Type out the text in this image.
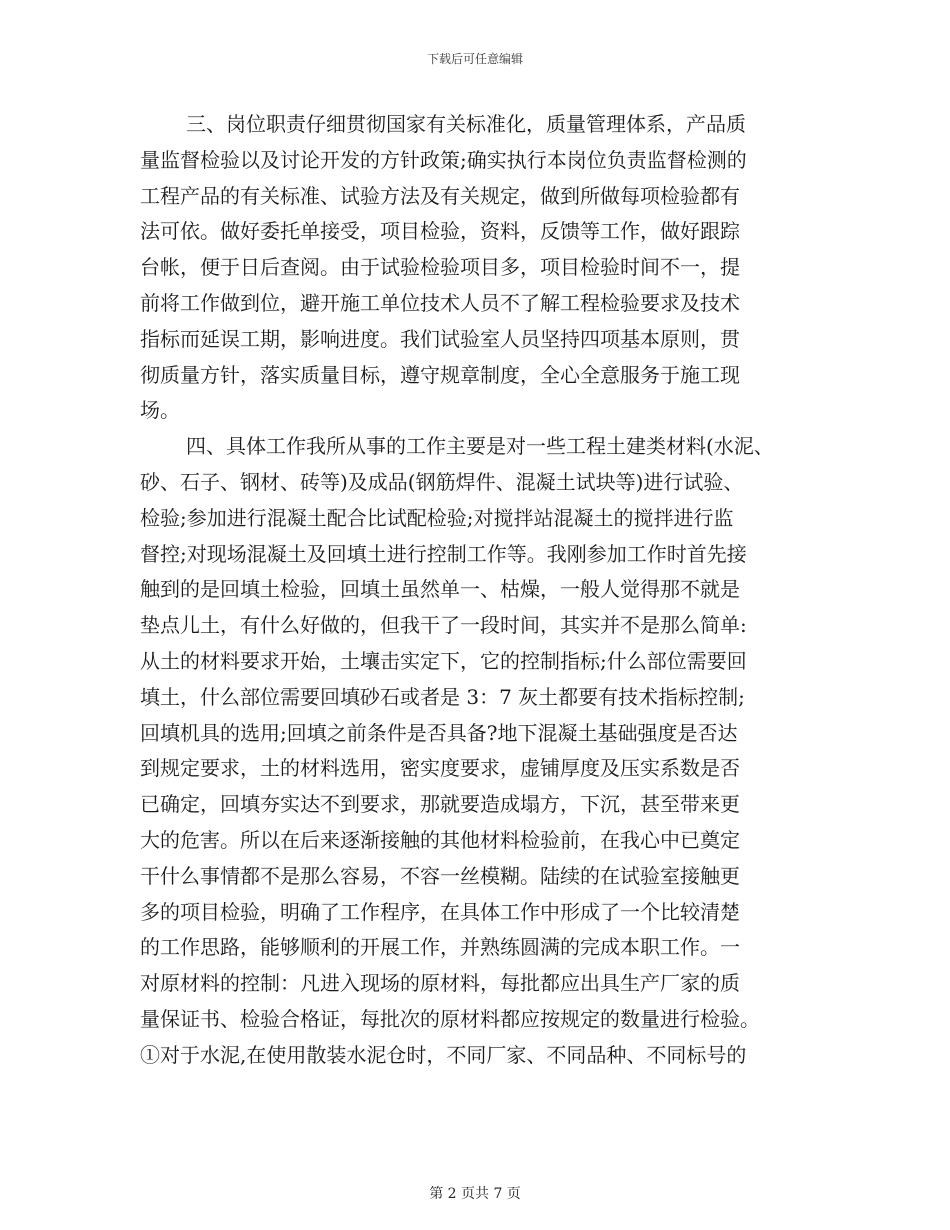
下载后可任意编辑
三、岗位职责仔细贯彻国家有关标准化，质量管理体系，产品质
量监督检验以及讨论开发的方针政策;确实执行本岗位负责监督检测的
工程产品的有关标准、试验方法及有关规定，做到所做每项检验都有
法可依。做好委托单接受，项目检验，资料，反馈等工作，做好跟踪
台帐，便于日后查阅。由于试验检验项目多，项目检验时间不一，提
前将工作做到位，避开施工单位技术人员不了解工程检验要求及技术
指标而延误工期，影响进度。我们试验室人员坚持四项基本原则，贯
彻质量方针，落实质量目标，遵守规章制度，全心全意服务于施工现
场。
四、具体工作我所从事的工作主要是对一些工程土建类材料(水泥、
砂、石子、钢材、砖等)及成品(钢筋焊件、混凝土试块等)进行试验、
检验;参加进行混凝土配合比试配检验;对搅拌站混凝土的搅拌进行监
督控;对现场混凝土及回填土进行控制工作等。我刚参加工作时首先接
触到的是回填土检验，回填土虽然单一、枯燥，一般人觉得那不就是
垫点儿土，有什么好做的，但我干了一段时间，其实并不是那么简单:
从土的材料要求开始，土壤击实定下，它的控制指标;什么部位需要回
填土，什么部位需要回填砂石或者是 3：7 灰土都要有技术指标控制;
回填机具的选用;回填之前条件是否具备?地下混凝土基础强度是否达
到规定要求，土的材料选用，密实度要求，虚铺厚度及压实系数是否
已确定，回填夯实达不到要求，那就要造成塌方，下沉，甚至带来更
大的危害。所以在后来逐渐接触的其他材料检验前，在我心中已奠定
干什么事情都不是那么容易，不容一丝模糊。陆续的在试验室接触更
多的项目检验，明确了工作程序，在具体工作中形成了一个比较清楚
的工作思路，能够顺利的开展工作，并熟练圆满的完成本职工作。一
对原材料的控制：凡进入现场的原材料，每批都应出具生产厂家的质
量保证书、检验合格证，每批次的原材料都应按规定的数量进行检验。
①对于水泥,在使用散装水泥仓时，不同厂家、不同品种、不同标号的
第 2 页共 7 页
